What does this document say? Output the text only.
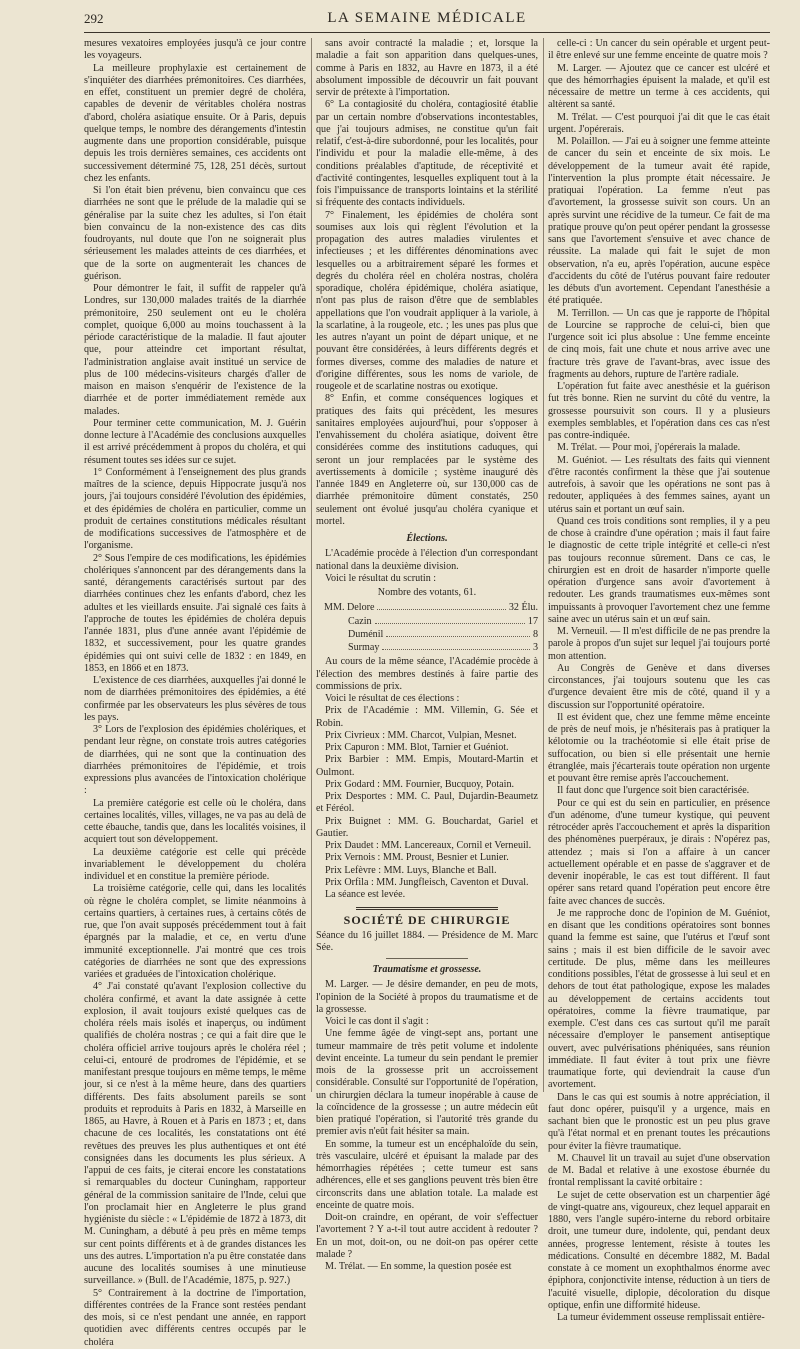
292	LA SEMAINE MÉDICALE

mesures vexatoires employées jusqu'à ce jour contre les voyageurs.

La meilleure prophylaxie est certainement de s'inquiéter des diarrhées prémonitoires. Ces diarrhées, en effet, constituent un premier degré de choléra, capables de devenir de véritables choléra nostras d'abord, choléra asiatique ensuite. Or à Paris, depuis quelque temps, le nombre des dérangements d'intestin augmente dans une proportion considérable, puisque depuis les trois dernières semaines, ces accidents ont successivement déterminé 75, 128, 251 décès, surtout chez les enfants.

Si l'on était bien prévenu, bien convaincu que ces diarrhées ne sont que le prélude de la maladie qui se généralise par la suite chez les adultes, si l'on était bien convaincu de la non-existence des cas dits foudroyants, nul doute que l'on ne soignerait plus sérieusement les malades atteints de ces diarrhées, et que de la sorte on augmenterait les chances de guérison.

Pour démontrer le fait, il suffit de rappeler qu'à Londres, sur 130,000 malades traités de la diarrhée prémonitoire, 250 seulement ont eu le choléra complet, quoique 6,000 au moins touchassent à la période caractéristique de la maladie. Il faut ajouter que, pour atteindre cet important résultat, l'administration anglaise avait institué un service de plus de 100 médecins-visiteurs chargés d'aller de maison en maison s'enquérir de l'existence de la diarrhée et de porter immédiatement remède aux malades.

Pour terminer cette communication, M. J. Guérin donne lecture à l'Académie des conclusions auxquelles il est arrivé précédemment à propos du choléra, et qui résument toutes ses idées sur ce sujet.

1° Conformément à l'enseignement des plus grands maîtres de la science, depuis Hippocrate jusqu'à nos jours, j'ai toujours considéré l'évolution des épidémies, et des épidémies de choléra en particulier, comme un produit de certaines constitutions médicales résultant de modifications successives de l'atmosphère et de l'organisme.

2° Sous l'empire de ces modifications, les épidémies cholériques s'annoncent par des dérangements dans la santé, dérangements caractérisés surtout par des diarrhées continues chez les enfants d'abord, chez les adultes et les vieillards ensuite. J'ai signalé ces faits à l'approche de toutes les épidémies de choléra depuis l'année 1831, plus d'une année avant l'épidémie de 1832, et successivement, pour les quatre grandes épidémies qui ont suivi celle de 1832 : en 1849, en 1853, en 1866 et en 1873.

L'existence de ces diarrhées, auxquelles j'ai donné le nom de diarrhées prémonitoires des épidémies, a été confirmée par les observateurs les plus sévères de tous les pays.

3° Lors de l'explosion des épidémies cholériques, et pendant leur règne, on constate trois autres catégories de diarrhées, qui ne sont que la continuation des diarrhées prémonitoires de l'épidémie, et trois expressions plus avancées de l'intoxication cholérique :

La première catégorie est celle où le choléra, dans certaines localités, villes, villages, ne va pas au delà de cette ébauche, tandis que, dans les localités voisines, il acquiert tout son développement.

La deuxième catégorie est celle qui précède invariablement le développement du choléra individuel et en constitue la première période.

La troisième catégorie, celle qui, dans les localités où règne le choléra complet, se limite néanmoins à certains quartiers, à certaines rues, à certains côtés de rue, que l'on avait supposés précédemment tout à fait épargnés par la maladie, et ce, en vertu d'une immunité exceptionnelle. J'ai montré que ces trois catégories de diarrhées ne sont que des expressions variées et graduées de l'intoxication cholérique.

4° J'ai constaté qu'avant l'explosion collective du choléra confirmé, et avant la date assignée à cette explosion, il avait toujours existé quelques cas de choléra réels mais isolés et inaperçus, ou indûment qualifiés de choléra nostras ; ce qui a fait dire que le choléra officiel arrive toujours après le choléra réel ; celui-ci, entouré de prodromes de l'épidémie, et se manifestant presque toujours en même temps, le même jour, si ce n'est à la même heure, dans des quartiers différents. Des faits absolument pareils se sont produits et reproduits à Paris en 1832, à Marseille en 1865, au Havre, à Rouen et à Paris en 1873 ; et, dans chacune de ces localités, les constatations ont été revêtues des preuves les plus authentiques et ont été consignées dans les documents les plus sérieux. A l'appui de ces faits, je citerai encore les constatations si remarquables du docteur Cuningham, rapporteur général de la commission sanitaire de l'Inde, celui que l'on proclamait hier en Angleterre le plus grand hygiéniste du siècle : « L'épidémie de 1872 à 1873, dit M. Cuningham, a débuté à peu près en même temps sur cent points différents et à de grandes distances les uns des autres. L'importation n'a pu être constatée dans aucune des localités soumises à une minutieuse surveillance. » (Bull. de l'Académie, 1875, p. 927.)

5° Contrairement à la doctrine de l'importation, différentes contrées de la France sont restées pendant des mois, si ce n'est pendant une année, en rapport quotidien avec différents centres occupés par le choléra

sans avoir contracté la maladie ; et, lorsque la maladie a fait son apparition dans quelques-unes, comme à Paris en 1832, au Havre en 1873, il a été absolument impossible de découvrir un fait pouvant servir de prétexte à l'importation.

6° La contagiosité du choléra, contagiosité établie par un certain nombre d'observations incontestables, que j'ai toujours admises, ne constitue qu'un fait relatif, c'est-à-dire subordonné, pour les localités, pour l'individu et pour la maladie elle-même, à des conditions préalables d'aptitude, de réceptivité et d'activité contingentes, lesquelles expliquent tout à la fois l'impuissance de transports lointains et la stérilité si fréquente des contacts individuels.

7° Finalement, les épidémies de choléra sont soumises aux lois qui règlent l'évolution et la propagation des autres maladies virulentes et infectieuses ; et les différentes dénominations avec lesquelles ou a arbitrairement séparé les formes et degrés du choléra réel en choléra nostras, choléra sporadique, choléra épidémique, choléra asiatique, n'ont pas plus de raison d'être que de semblables appellations que l'on voudrait appliquer à la variole, à la scarlatine, à la rougeole, etc. ; les unes pas plus que les autres n'ayant un point de départ unique, et ne pouvant être considérées, à leurs différents degrés et formes diverses, comme des maladies de nature et d'origine différentes, sous les noms de variole, de rougeole et de scarlatine nostras ou exotique.

8° Enfin, et comme conséquences logiques et pratiques des faits qui précèdent, les mesures sanitaires employées aujourd'hui, pour s'opposer à l'envahissement du choléra asiatique, doivent être considérées comme des institutions caduques, qui seront un jour remplacées par le système des avertissements à domicile ; système inauguré dès l'année 1849 en Angleterre où, sur 130,000 cas de diarrhée prémonitoire dûment constatés, 250 seulement ont évolué jusqu'au choléra cyanique et mortel.

Élections.

L'Académie procède à l'élection d'un correspondant national dans la deuxième division.

Voici le résultat du scrutin :

Nombre des votants, 61.

MM. Delore	32 Élu.
Cazin	17
Duménil	8
Surmay	3

Au cours de la même séance, l'Académie procède à l'élection des membres destinés à faire partie des commissions de prix.

Voici le résultat de ces élections :

Prix de l'Académie : MM. Villemin, G. Sée et Robin.

Prix Civrieux : MM. Charcot, Vulpian, Mesnet.

Prix Capuron : MM. Blot, Tarnier et Guéniot.

Prix Barbier : MM. Empis, Moutard-Martin et Oulmont.

Prix Godard : MM. Fournier, Bucquoy, Potain.

Prix Desportes : MM. C. Paul, Dujardin-Beaumetz et Féréol.

Prix Buignet : MM. G. Bouchardat, Gariel et Gautier.

Prix Daudet : MM. Lancereaux, Cornil et Verneuil.

Prix Vernois : MM. Proust, Besnier et Lunier.

Prix Lefèvre : MM. Luys, Blanche et Ball.

Prix Orfila : MM. Jungfleisch, Caventon et Duval.

La séance est levée.

SOCIÉTÉ DE CHIRURGIE

Séance du 16 juillet 1884. — Présidence de M. Marc Sée.

Traumatisme et grossesse.

M. Larger. — Je désire demander, en peu de mots, l'opinion de la Société à propos du traumatisme et de la grossesse.

Voici le cas dont il s'agit :

Une femme âgée de vingt-sept ans, portant une tumeur mammaire de très petit volume et indolente devint enceinte. La tumeur du sein pendant le premier mois de la grossesse prit un accroissement considérable. Consulté sur l'opportunité de l'opération, un chirurgien déclara la tumeur inopérable à cause de la coïncidence de la grossesse ; un autre médecin eût bien pratiqué l'opération, si l'autorité très grande du premier avis n'eût fait hésiter sa main.

En somme, la tumeur est un encéphaloïde du sein, très vasculaire, ulcéré et épuisant la malade par des hémorrhagies répétées ; cette tumeur est sans adhérences, elle et ses ganglions peuvent très bien être circonscrits dans une ablation totale. La malade est enceinte de quatre mois.

Doit-on craindre, en opérant, de voir s'effectuer l'avortement ? Y a-t-il tout autre accident à redouter ? En un mot, doit-on, ou ne doit-on pas opérer cette malade ?

M. Trélat. — En somme, la question posée est

celle-ci : Un cancer du sein opérable et urgent peut-il être enlevé sur une femme enceinte de quatre mois ?

M. Larger. — Ajoutez que ce cancer est ulcéré et que des hémorrhagies épuisent la malade, et qu'il est nécessaire de mettre un terme à ces accidents, qui altèrent sa santé.

M. Trélat. — C'est pourquoi j'ai dit que le cas était urgent. J'opérerais.

M. Polaillon. — J'ai eu à soigner une femme atteinte de cancer du sein et enceinte de six mois. Le développement de la tumeur avait été rapide, l'intervention la plus prompte était nécessaire. Je pratiquai l'opération. La femme n'eut pas d'avortement, la grossesse suivit son cours. Un an après survint une récidive de la tumeur. Ce fait de ma pratique prouve qu'on peut opérer pendant la grossesse sans que l'avortement s'ensuive et avec chance de réussite. La malade qui fait le sujet de mon observation, n'a eu, après l'opération, aucune espèce d'accidents du côté de l'utérus pouvant faire redouter les débuts d'un avortement. Cependant l'anesthésie a été pratiquée.

M. Terrillon. — Un cas que je rapporte de l'hôpital de Lourcine se rapproche de celui-ci, bien que l'urgence soit ici plus absolue : Une femme enceinte de cinq mois, fait une chute et nous arrive avec une fracture très grave de l'avant-bras, avec issue des fragments au dehors, rupture de l'artère radiale.

L'opération fut faite avec anesthésie et la guérison fut très bonne. Rien ne survint du côté du ventre, la grossesse poursuivit son cours. Il y a plusieurs exemples semblables, et l'opération dans ces cas n'est pas contre-indiquée.

M. Trélat. — Pour moi, j'opérerais la malade.

M. Guéniot. — Les résultats des faits qui viennent d'être racontés confirment la thèse que j'ai soutenue autrefois, à savoir que les opérations ne sont pas à redouter, appliquées à des femmes saines, ayant un utérus sain et portant un œuf sain.

Quand ces trois conditions sont remplies, il y a peu de chose à craindre d'une opération ; mais il faut faire le diagnostic de cette triple intégrité et celle-ci n'est pas toujours reconnue sûrement. Dans ce cas, le chirurgien est en droit de hasarder n'importe quelle opération d'urgence sans avoir d'avortement à redouter. Les grands traumatismes eux-mêmes sont impuissants à provoquer l'avortement chez une femme saine avec un utérus sain et un œuf sain.

M. Verneuil. — Il m'est difficile de ne pas prendre la parole à propos d'un sujet sur lequel j'ai toujours porté mon attention.

Au Congrès de Genève et dans diverses circonstances, j'ai toujours soutenu que les cas d'urgence devaient être mis de côté, quand il y a discussion sur l'opportunité opératoire.

Il est évident que, chez une femme même enceinte de près de neuf mois, je n'hésiterais pas à pratiquer la kélotomie ou la trachéotomie si elle était prise de suffocation, ou bien si elle présentait une hernie étranglée, mais j'écarterais toute opération non urgente et pouvant être remise après l'accouchement.

Il faut donc que l'urgence soit bien caractérisée.

Pour ce qui est du sein en particulier, en présence d'un adénome, d'une tumeur kystique, qui peuvent rétrocéder après l'accouchement et après la disparition des phénomènes puerpéraux, je dirais : N'opérez pas, attendez ; mais si l'on a affaire à un cancer actuellement opérable et en passe de s'aggraver et de devenir inopérable, le cas est tout différent. Il faut opérer sans retard quand l'opération peut encore être faite avec chances de succès.

Je me rapproche donc de l'opinion de M. Guéniot, en disant que les conditions opératoires sont bonnes quand la femme est saine, que l'utérus et l'œuf sont sains ; mais il est bien difficile de le savoir avec certitude. De plus, même dans les meilleures conditions possibles, l'état de grossesse à lui seul et en dehors de tout état pathologique, expose les malades au développement de certains accidents tout opératoires, comme la fièvre traumatique, par exemple. C'est dans ces cas surtout qu'il me paraît nécessaire d'employer le pansement antiseptique ouvert, avec pulvérisations phéniquées, sans réunion immédiate. Il faut éviter à tout prix une fièvre traumatique forte, qui deviendrait la cause d'un avortement.

Dans le cas qui est soumis à notre appréciation, il faut donc opérer, puisqu'il y a urgence, mais en sachant bien que le pronostic est un peu plus grave qu'à l'état normal et en prenant toutes les précautions pour éviter la fièvre traumatique.

M. Chauvel lit un travail au sujet d'une observation de M. Badal et relative à une exostose éburnée du frontal remplissant la cavité orbitaire :

Le sujet de cette observation est un charpentier âgé de vingt-quatre ans, vigoureux, chez lequel apparait en 1880, vers l'angle supéro-interne du rebord orbitaire droit, une tumeur dure, indolente, qui, pendant deux années, progresse lentement, résiste à toutes les médications. Consulté en décembre 1882, M. Badal constate à ce moment un exophthalmos énorme avec épiphora, conjonctivite intense, réduction à un tiers de l'acuité visuelle, diplopie, décoloration du disque optique, enfin une difformité hideuse.

La tumeur évidemment osseuse remplissait entière-
